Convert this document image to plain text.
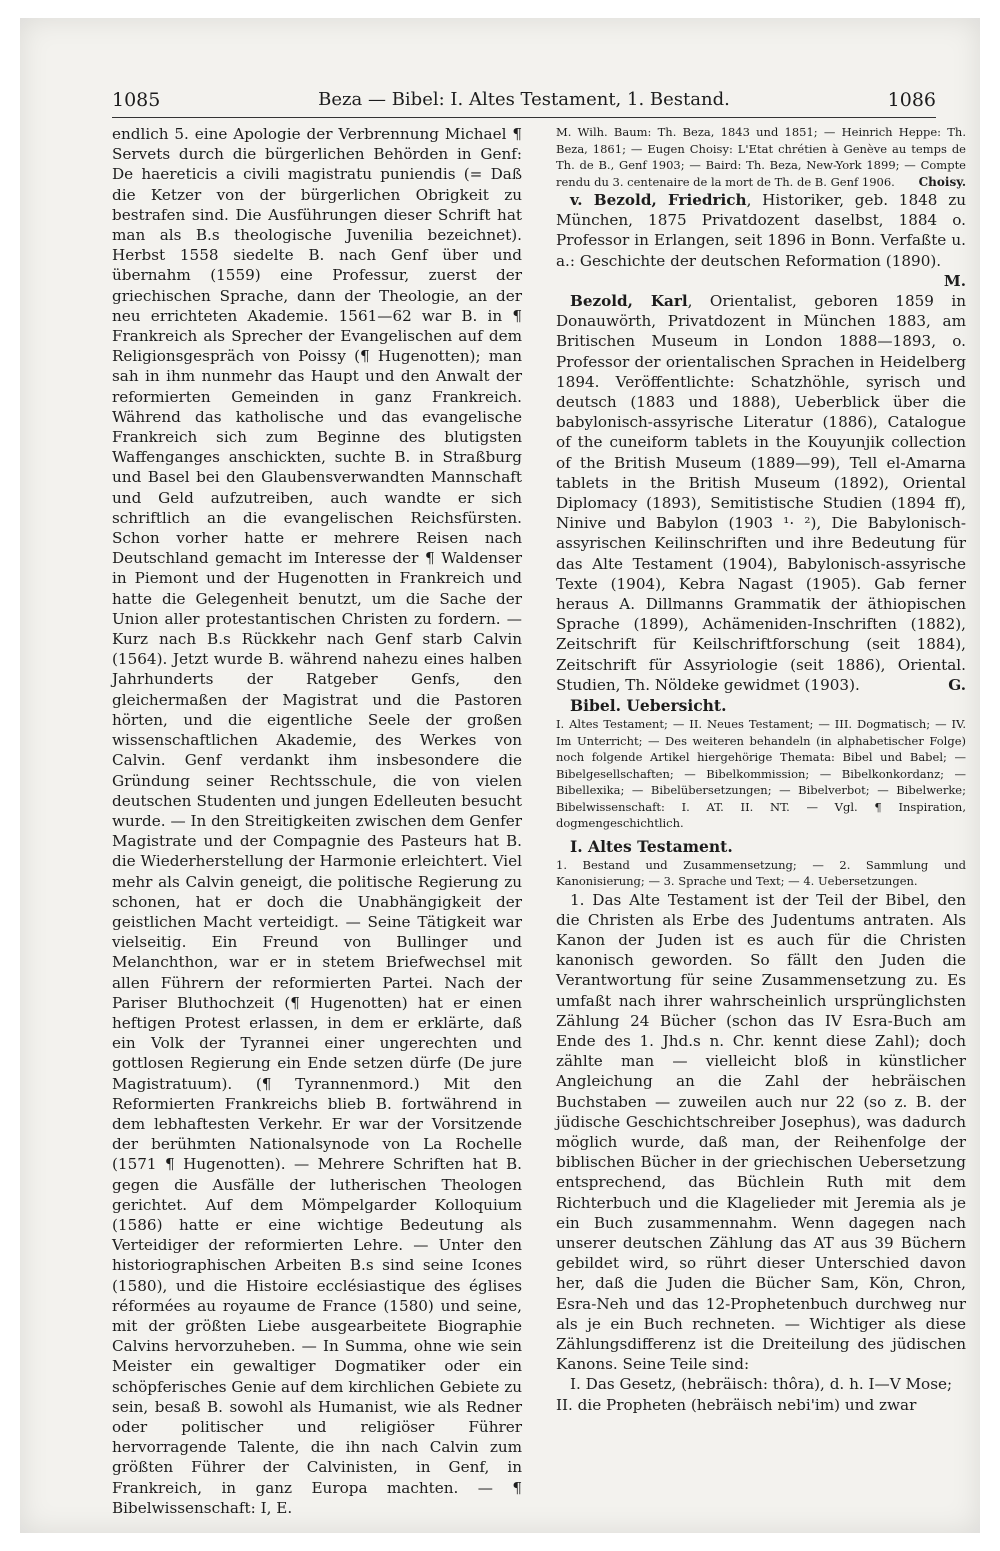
1085	Beza — Bibel: I. Altes Testament, 1. Bestand.	1086

endlich 5. eine Apologie der Verbrennung Michael ¶ Servets durch die bürgerlichen Behörden in Genf: De haereticis a civili magistratu puniendis (= Daß die Ketzer von der bürgerlichen Obrigkeit zu bestrafen sind. Die Ausführungen dieser Schrift hat man als B.s theologische Juvenilia bezeichnet). Herbst 1558 siedelte B. nach Genf über und übernahm (1559) eine Professur, zuerst der griechischen Sprache, dann der Theologie, an der neu errichteten Akademie. 1561—62 war B. in ¶ Frankreich als Sprecher der Evangelischen auf dem Religionsgespräch von Poissy (¶ Hugenotten); man sah in ihm nunmehr das Haupt und den Anwalt der reformierten Gemeinden in ganz Frankreich. Während das katholische und das evangelische Frankreich sich zum Beginne des blutigsten Waffenganges anschickten, suchte B. in Straßburg und Basel bei den Glaubensverwandten Mannschaft und Geld aufzutreiben, auch wandte er sich schriftlich an die evangelischen Reichsfürsten. Schon vorher hatte er mehrere Reisen nach Deutschland gemacht im Interesse der ¶ Waldenser in Piemont und der Hugenotten in Frankreich und hatte die Gelegenheit benutzt, um die Sache der Union aller protestantischen Christen zu fordern. — Kurz nach B.s Rückkehr nach Genf starb Calvin (1564). Jetzt wurde B. während nahezu eines halben Jahrhunderts der Ratgeber Genfs, den gleichermaßen der Magistrat und die Pastoren hörten, und die eigentliche Seele der großen wissenschaftlichen Akademie, des Werkes von Calvin. Genf verdankt ihm insbesondere die Gründung seiner Rechtsschule, die von vielen deutschen Studenten und jungen Edelleuten besucht wurde. — In den Streitigkeiten zwischen dem Genfer Magistrate und der Compagnie des Pasteurs hat B. die Wiederherstellung der Harmonie erleichtert. Viel mehr als Calvin geneigt, die politische Regierung zu schonen, hat er doch die Unabhängigkeit der geistlichen Macht verteidigt. — Seine Tätigkeit war vielseitig. Ein Freund von Bullinger und Melanchthon, war er in stetem Briefwechsel mit allen Führern der reformierten Partei. Nach der Pariser Bluthochzeit (¶ Hugenotten) hat er einen heftigen Protest erlassen, in dem er erklärte, daß ein Volk der Tyrannei einer ungerechten und gottlosen Regierung ein Ende setzen dürfe (De jure Magistratuum). (¶ Tyrannenmord.) Mit den Reformierten Frankreichs blieb B. fortwährend in dem lebhaftesten Verkehr. Er war der Vorsitzende der berühmten Nationalsynode von La Rochelle (1571 ¶ Hugenotten). — Mehrere Schriften hat B. gegen die Ausfälle der lutherischen Theologen gerichtet. Auf dem Mömpelgarder Kolloquium (1586) hatte er eine wichtige Bedeutung als Verteidiger der reformierten Lehre. — Unter den historiographischen Arbeiten B.s sind seine Icones (1580), und die Histoire ecclésiastique des églises réformées au royaume de France (1580) und seine, mit der größten Liebe ausgearbeitete Biographie Calvins hervorzuheben. — In Summa, ohne wie sein Meister ein gewaltiger Dogmatiker oder ein schöpferisches Genie auf dem kirchlichen Gebiete zu sein, besaß B. sowohl als Humanist, wie als Redner oder politischer und religiöser Führer hervorragende Talente, die ihn nach Calvin zum größten Führer der Calvinisten, in Genf, in Frankreich, in ganz Europa machten. — ¶ Bibelwissenschaft: I, E.

M. Wilh. Baum: Th. Beza, 1843 und 1851; — Heinrich Heppe: Th. Beza, 1861; — Eugen Choisy: L'Etat chrétien à Genève au temps de Th. de B., Genf 1903; — Baird: Th. Beza, New-York 1899; — Compte rendu du 3. centenaire de la mort de Th. de B. Genf 1906. Choisy.

v. Bezold, Friedrich, Historiker, geb. 1848 zu München, 1875 Privatdozent daselbst, 1884 o. Professor in Erlangen, seit 1896 in Bonn. Verfaßte u. a.: Geschichte der deutschen Reformation (1890).
M.

Bezold, Karl, Orientalist, geboren 1859 in Donauwörth, Privatdozent in München 1883, am Britischen Museum in London 1888—1893, o. Professor der orientalischen Sprachen in Heidelberg 1894. Veröffentlichte: Schatzhöhle, syrisch und deutsch (1883 und 1888), Ueberblick über die babylonisch-assyrische Literatur (1886), Catalogue of the cuneiform tablets in the Kouyunjik collection of the British Museum (1889—99), Tell el-Amarna tablets in the British Museum (1892), Oriental Diplomacy (1893), Semitistische Studien (1894 ff), Ninive und Babylon (1903 ¹· ²), Die Babylonisch-assyrischen Keilinschriften und ihre Bedeutung für das Alte Testament (1904), Babylonisch-assyrische Texte (1904), Kebra Nagast (1905). Gab ferner heraus A. Dillmanns Grammatik der äthiopischen Sprache (1899), Achämeniden-Inschriften (1882), Zeitschrift für Keilschriftforschung (seit 1884), Zeitschrift für Assyriologie (seit 1886), Oriental. Studien, Th. Nöldeke gewidmet (1903).	G.

Bibel. Uebersicht.

I. Altes Testament; — II. Neues Testament; — III. Dogmatisch; — IV. Im Unterricht; — Des weiteren behandeln (in alphabetischer Folge) noch folgende Artikel hiergehörige Themata: Bibel und Babel; — Bibelgesellschaften; — Bibelkommission; — Bibelkonkordanz; — Bibellexika; — Bibelübersetzungen; — Bibelverbot; — Bibelwerke; Bibelwissenschaft: I. AT. II. NT. — Vgl. ¶ Inspiration, dogmengeschichtlich.

I. Altes Testament.

1. Bestand und Zusammensetzung; — 2. Sammlung und Kanonisierung; — 3. Sprache und Text; — 4. Uebersetzungen.

1. Das Alte Testament ist der Teil der Bibel, den die Christen als Erbe des Judentums antraten. Als Kanon der Juden ist es auch für die Christen kanonisch geworden. So fällt den Juden die Verantwortung für seine Zusammensetzung zu. Es umfaßt nach ihrer wahrscheinlich ursprünglichsten Zählung 24 Bücher (schon das IV Esra-Buch am Ende des 1. Jhd.s n. Chr. kennt diese Zahl); doch zählte man — vielleicht bloß in künstlicher Angleichung an die Zahl der hebräischen Buchstaben — zuweilen auch nur 22 (so z. B. der jüdische Geschichtschreiber Josephus), was dadurch möglich wurde, daß man, der Reihenfolge der biblischen Bücher in der griechischen Uebersetzung entsprechend, das Büchlein Ruth mit dem Richterbuch und die Klagelieder mit Jeremia als je ein Buch zusammennahm. Wenn dagegen nach unserer deutschen Zählung das AT aus 39 Büchern gebildet wird, so rührt dieser Unterschied davon her, daß die Juden die Bücher Sam, Kön, Chron, Esra-Neh und das 12-Prophetenbuch durchweg nur als je ein Buch rechneten. — Wichtiger als diese Zählungsdifferenz ist die Dreiteilung des jüdischen Kanons. Seine Teile sind:

I. Das Gesetz, (hebräisch: thôra), d. h. I—V Mose;

II. die Propheten (hebräisch nebi'im) und zwar
